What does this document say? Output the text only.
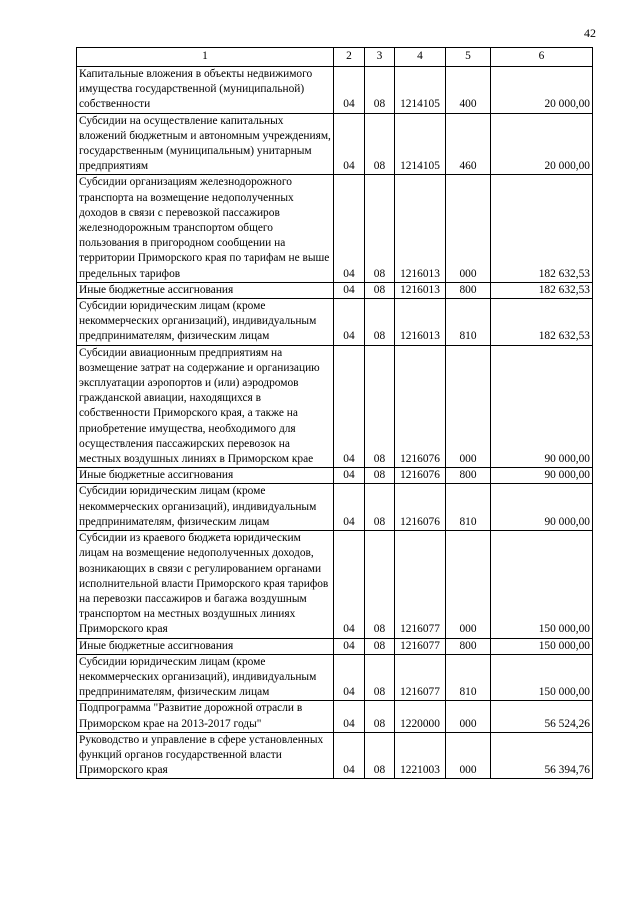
42
1	2	3	4	5	6
Капитальные вложения в объекты недвижимого имущества государственной (муниципальной) собственности	04	08	1214105	400	20 000,00
Субсидии на осуществление капитальных вложений бюджетным и автономным учреждениям, государственным (муниципальным) унитарным предприятиям	04	08	1214105	460	20 000,00
Субсидии организациям железнодорожного транспорта на возмещение недополученных доходов в связи с перевозкой пассажиров железнодорожным транспортом общего пользования в пригородном сообщении на территории Приморского края по тарифам не выше предельных тарифов	04	08	1216013	000	182 632,53
Иные бюджетные ассигнования	04	08	1216013	800	182 632,53
Субсидии юридическим лицам (кроме некоммерческих организаций), индивидуальным предпринимателям, физическим лицам	04	08	1216013	810	182 632,53
Субсидии авиационным предприятиям на возмещение затрат на содержание и организацию эксплуатации аэропортов и (или) аэродромов гражданской авиации, находящихся в собственности Приморского края, а также на приобретение имущества, необходимого для осуществления пассажирских перевозок на местных воздушных линиях в Приморском крае	04	08	1216076	000	90 000,00
Иные бюджетные ассигнования	04	08	1216076	800	90 000,00
Субсидии юридическим лицам (кроме некоммерческих организаций), индивидуальным предпринимателям, физическим лицам	04	08	1216076	810	90 000,00
Субсидии из краевого бюджета юридическим лицам на возмещение недополученных доходов, возникающих в связи с регулированием органами исполнительной власти Приморского края тарифов на перевозки пассажиров и багажа воздушным транспортом на местных воздушных линиях Приморского края	04	08	1216077	000	150 000,00
Иные бюджетные ассигнования	04	08	1216077	800	150 000,00
Субсидии юридическим лицам (кроме некоммерческих организаций), индивидуальным предпринимателям, физическим лицам	04	08	1216077	810	150 000,00
Подпрограмма "Развитие дорожной отрасли в Приморском крае на 2013-2017 годы"	04	08	1220000	000	56 524,26
Руководство и управление в сфере установленных функций органов государственной власти Приморского края	04	08	1221003	000	56 394,76
